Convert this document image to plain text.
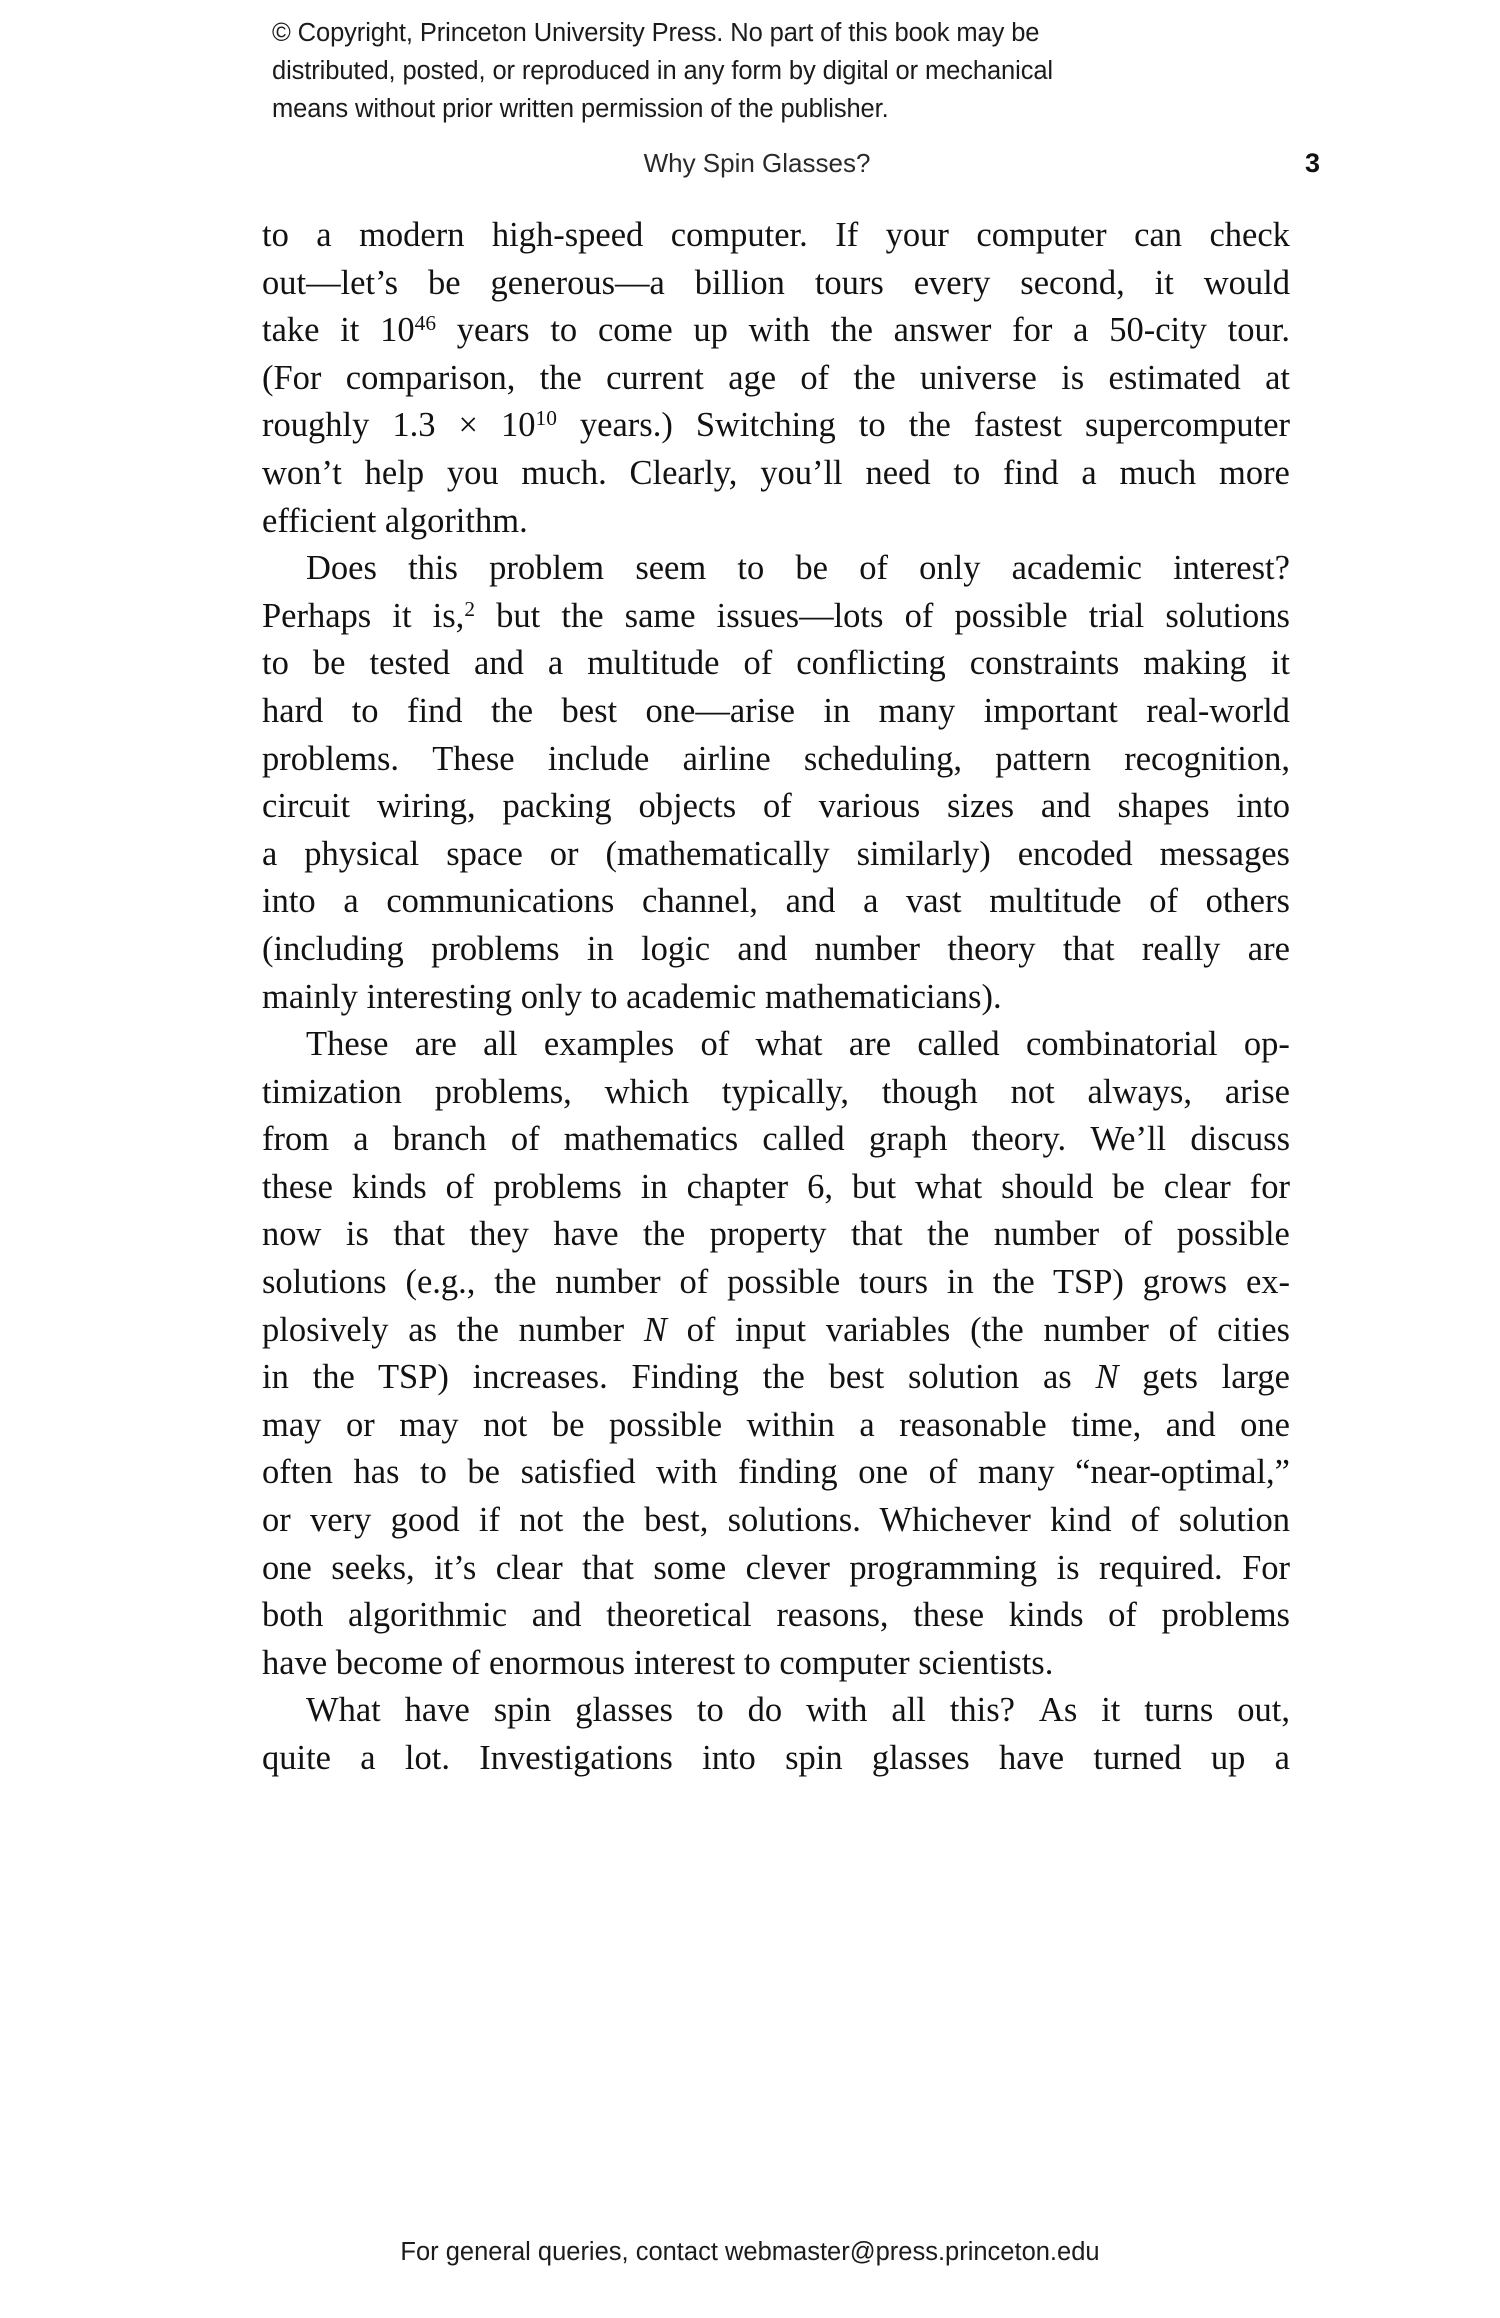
© Copyright, Princeton University Press. No part of this book may be
distributed, posted, or reproduced in any form by digital or mechanical
means without prior written permission of the publisher.
Why Spin Glasses?	3

to a modern high-speed computer. If your computer can check
out—let’s be generous—a billion tours every second, it would
take it $10^{46}$ years to come up with the answer for a 50-city tour.
(For comparison, the current age of the universe is estimated at
roughly $1.3 \times 10^{10}$ years.) Switching to the fastest supercomputer
won’t help you much. Clearly, you’ll need to find a much more
efficient algorithm.

Does this problem seem to be of only academic interest?
Perhaps it is,$^2$ but the same issues—lots of possible trial solutions
to be tested and a multitude of conflicting constraints making it
hard to find the best one—arise in many important real-world
problems. These include airline scheduling, pattern recognition,
circuit wiring, packing objects of various sizes and shapes into
a physical space or (mathematically similarly) encoded messages
into a communications channel, and a vast multitude of others
(including problems in logic and number theory that really are
mainly interesting only to academic mathematicians).

These are all examples of what are called combinatorial op-
timization problems, which typically, though not always, arise
from a branch of mathematics called graph theory. We’ll discuss
these kinds of problems in chapter 6, but what should be clear for
now is that they have the property that the number of possible
solutions (e.g., the number of possible tours in the TSP) grows ex-
plosively as the number N of input variables (the number of cities
in the TSP) increases. Finding the best solution as N gets large
may or may not be possible within a reasonable time, and one
often has to be satisfied with finding one of many “near-optimal,”
or very good if not the best, solutions. Whichever kind of solution
one seeks, it’s clear that some clever programming is required. For
both algorithmic and theoretical reasons, these kinds of problems
have become of enormous interest to computer scientists.

What have spin glasses to do with all this? As it turns out,
quite a lot. Investigations into spin glasses have turned up a

For general queries, contact webmaster@press.princeton.edu
